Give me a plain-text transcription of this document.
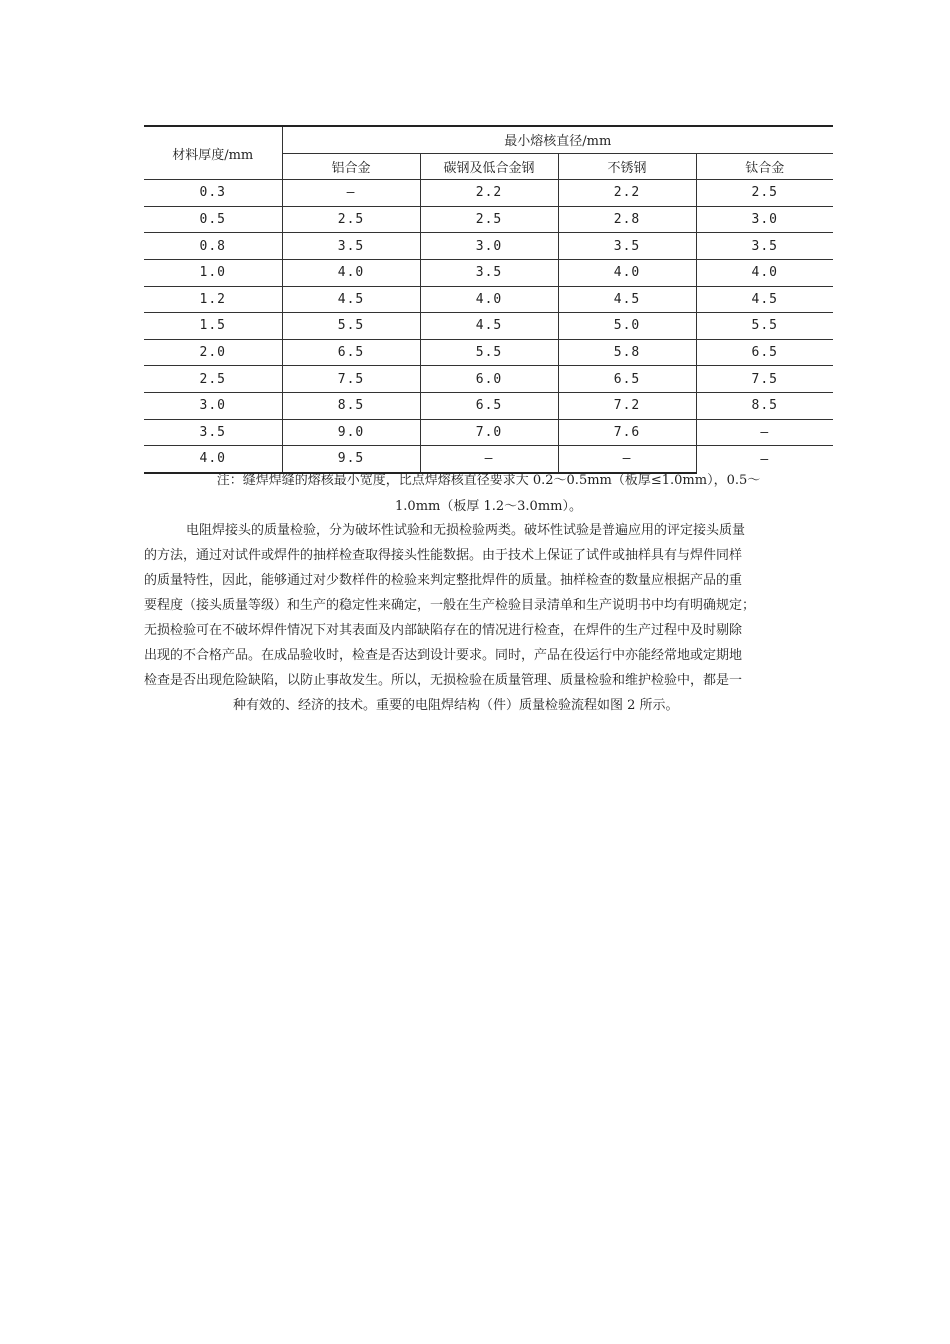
材料厚度/mm	最小熔核直径/mm			
	铝合金	碳钢及低合金钢	不锈钢	钛合金
0.3	—	2.2	2.2	2.5
0.5	2.5	2.5	2.8	3.0
0.8	3.5	3.0	3.5	3.5
1.0	4.0	3.5	4.0	4.0
1.2	4.5	4.0	4.5	4.5
1.5	5.5	4.5	5.0	5.5
2.0	6.5	5.5	5.8	6.5
2.5	7.5	6.0	6.5	7.5
3.0	8.5	6.5	7.2	8.5
3.5	9.0	7.0	7.6	—
4.0	9.5	—	—	—
注：缝焊焊缝的熔核最小宽度，比点焊熔核直径要求大 0.2～0.5mm（板厚≤1.0mm），0.5～
1.0mm（板厚 1.2～3.0mm）。
电阻焊接头的质量检验，分为破坏性试验和无损检验两类。破坏性试验是普遍应用的评定接头质量
的方法，通过对试件或焊件的抽样检查取得接头性能数据。由于技术上保证了试件或抽样具有与焊件同样
的质量特性，因此，能够通过对少数样件的检验来判定整批焊件的质量。抽样检查的数量应根据产品的重
要程度（接头质量等级）和生产的稳定性来确定，一般在生产检验目录清单和生产说明书中均有明确规定；
无损检验可在不破坏焊件情况下对其表面及内部缺陷存在的情况进行检查，在焊件的生产过程中及时剔除
出现的不合格产品。在成品验收时，检查是否达到设计要求。同时，产品在役运行中亦能经常地或定期地
检查是否出现危险缺陷，以防止事故发生。所以，无损检验在质量管理、质量检验和维护检验中，都是一
种有效的、经济的技术。重要的电阻焊结构（件）质量检验流程如图 2 所示。
